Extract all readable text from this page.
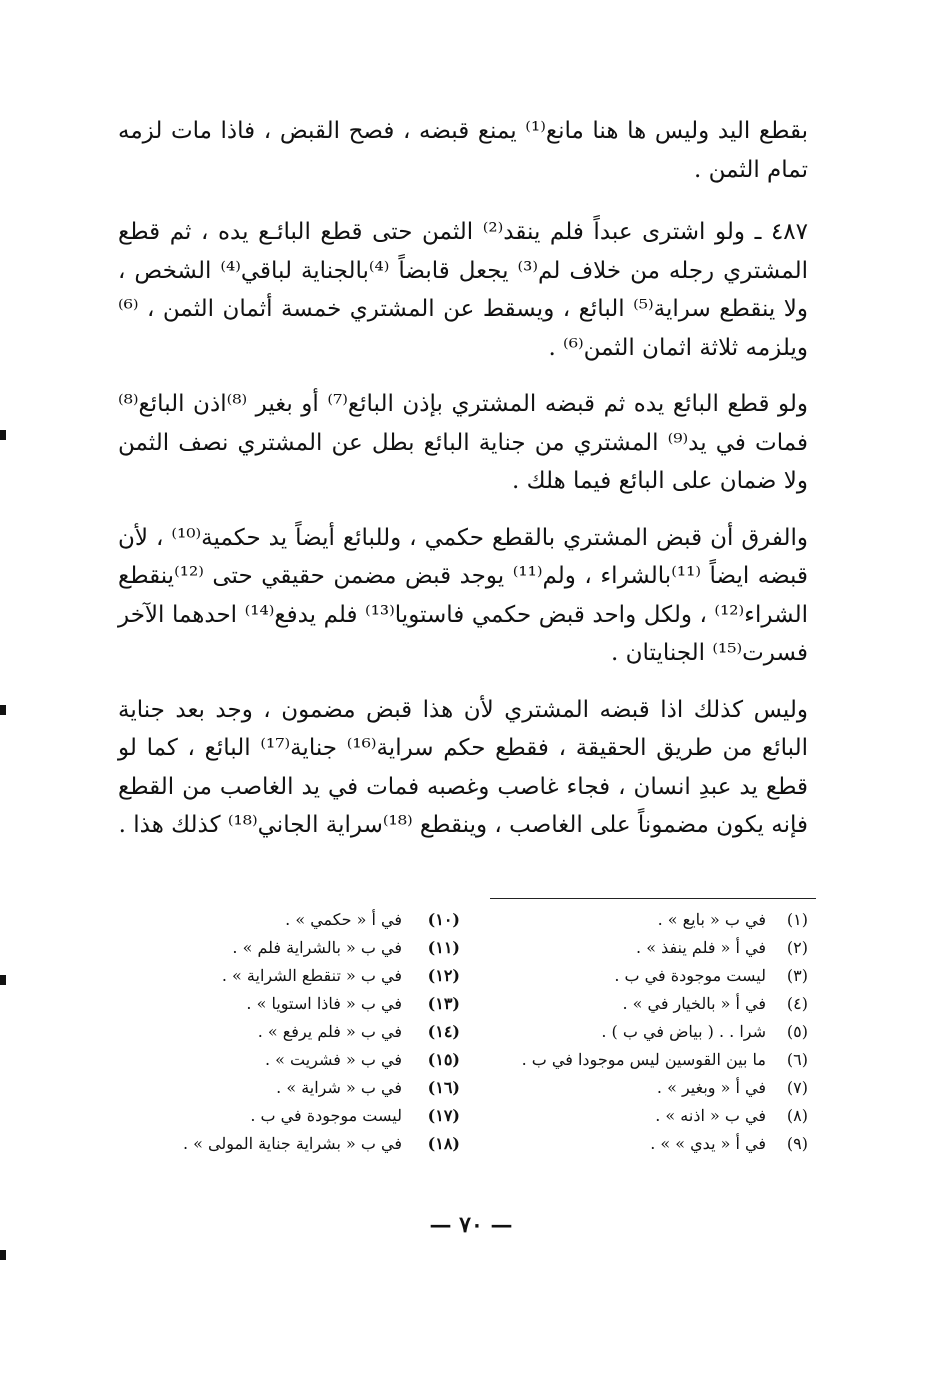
بقطع اليد وليس ها هنا مانع⁽¹⁾ يمنع قبضه ، فصح القبض ، فاذا مات لزمه تمام الثمن .

٤٨٧ ـ ولو اشترى عبداً فلم ينقد⁽²⁾ الثمن حتى قطع البائـع يده ، ثم قطع المشتري رجله من خلاف لم⁽³⁾ يجعل قابضاً ⁽⁴⁾بالجناية لباقي⁽⁴⁾ الشخص ، ولا ينقطع سراية⁽⁵⁾ البائع ، ويسقط عن المشتري خمسة أثمان الثمن ، ⁽⁶⁾ويلزمه ثلاثة اثمان الثمن⁽⁶⁾ .

ولو قطع البائع يده ثم قبضه المشتري بإذن البائع⁽⁷⁾ أو بغير ⁽⁸⁾اذن البائع⁽⁸⁾ فمات في يد⁽⁹⁾ المشتري من جناية البائع بطل عن المشتري نصف الثمن ولا ضمان على البائع فيما هلك .

والفرق أن قبض المشتري بالقطع حكمي ، وللبائع أيضاً يد حكمية⁽¹⁰⁾ ، لأن قبضه ايضاً ⁽¹¹⁾بالشراء ، ولم⁽¹¹⁾ يوجد قبض مضمن حقيقي حتى ⁽¹²⁾ينقطع الشراء⁽¹²⁾ ، ولكل واحد قبض حكمي فاستويا⁽¹³⁾ فلم يدفع⁽¹⁴⁾ احدهما الآخر فسرت⁽¹⁵⁾ الجنايتان .

وليس كذلك اذا قبضه المشتري لأن هذا قبض مضمون ، وجد بعد جناية البائع من طريق الحقيقة ، فقطع حكم سراية⁽¹⁶⁾ جناية⁽¹⁷⁾ البائع ، كما لو قطع يد عبدِ انسان ، فجاء غاصب وغصبه فمات في يد الغاصب من القطع فإنه يكون مضموناً على الغاصب ، وينقطع ⁽¹⁸⁾سراية الجاني⁽¹⁸⁾ كذلك هذا .

(١)
في ب « بايع » .
(٢)
في أ « فلم ينفذ » .
(٣)
ليست موجودة في ب .
(٤)
في أ « بالخيار في » .
(٥)
شرا . . ( بياض في ب ) .
(٦)
ما بين القوسين ليس موجودا في ب .
(٧)
في أ « وبغير » .
(٨)
في ب « اذنه » .
(٩)
في أ « يدي » » .
(١٠)
في أ « حكمي » .
(١١)
في ب « بالشراية فلم » .
(١٢)
في ب « تنقطع الشراية » .
(١٣)
في ب « فاذا استويا » .
(١٤)
في ب « فلم يرفع » .
(١٥)
في ب « فشريت » .
(١٦)
في ب « شراية » .
(١٧)
ليست موجودة في ب .
(١٨)
في ب « بشراية جناية المولى » .
— ٧٠ —
